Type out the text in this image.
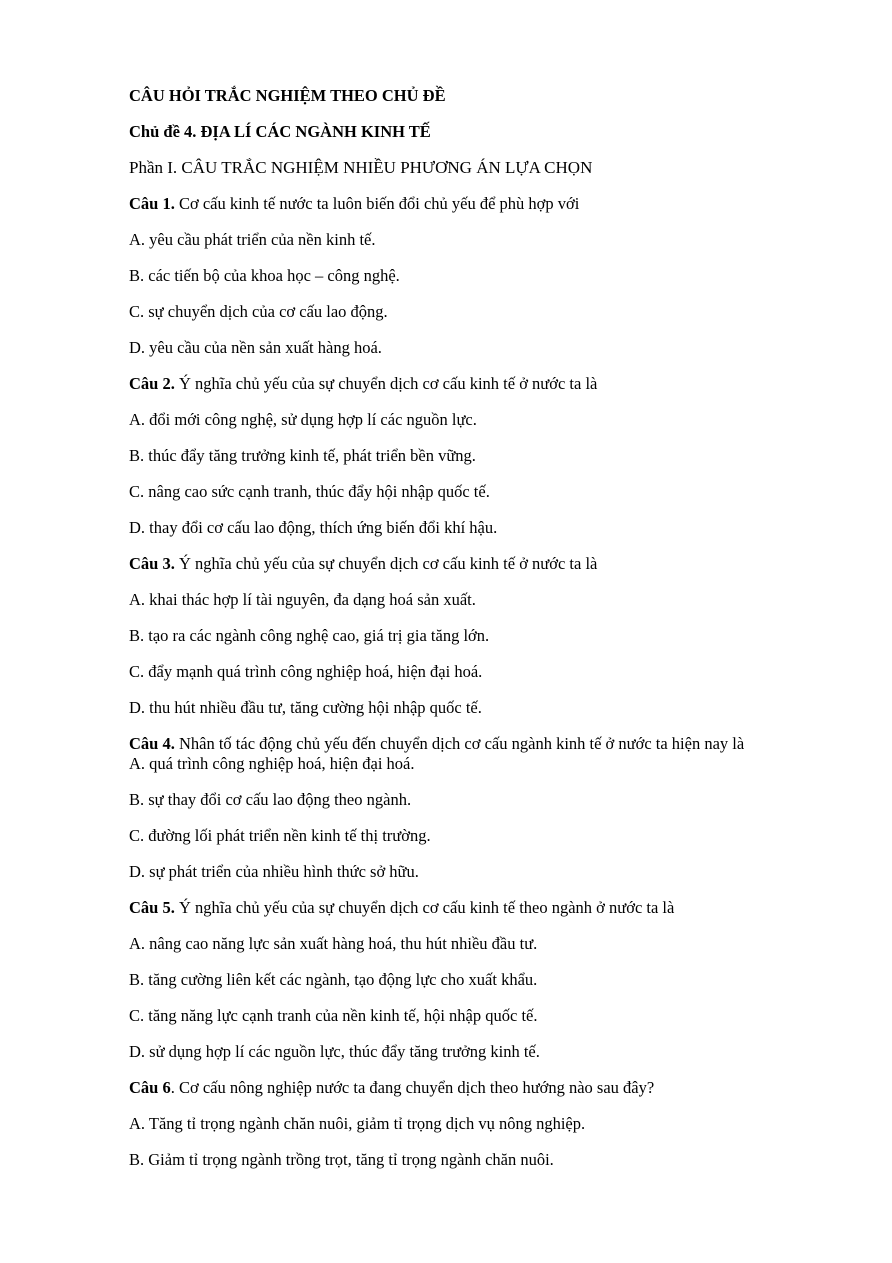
CÂU HỎI TRẮC NGHIỆM THEO CHỦ ĐỀ

Chủ đề 4. ĐỊA LÍ CÁC NGÀNH KINH TẾ

Phần I. CÂU TRẮC NGHIỆM NHIỀU PHƯƠNG ÁN LỰA CHỌN

Câu 1. Cơ cấu kinh tế nước ta luôn biến đổi chủ yếu để phù hợp với

A. yêu cầu phát triển của nền kinh tế.

B. các tiến bộ của khoa học – công nghệ.

C. sự chuyển dịch của cơ cấu lao động.

D. yêu cầu của nền sản xuất hàng hoá.

Câu 2. Ý nghĩa chủ yếu của sự chuyển dịch cơ cấu kinh tế ở nước ta là

A. đổi mới công nghệ, sử dụng hợp lí các nguồn lực.

B. thúc đẩy tăng trưởng kinh tế, phát triển bền vững.

C. nâng cao sức cạnh tranh, thúc đẩy hội nhập quốc tế.

D. thay đổi cơ cấu lao động, thích ứng biến đổi khí hậu.

Câu 3. Ý nghĩa chủ yếu của sự chuyển dịch cơ cấu kinh tế ở nước ta là

A. khai thác hợp lí tài nguyên, đa dạng hoá sản xuất.

B. tạo ra các ngành công nghệ cao, giá trị gia tăng lớn.

C. đẩy mạnh quá trình công nghiệp hoá, hiện đại hoá.

D. thu hút nhiều đầu tư, tăng cường hội nhập quốc tế.

Câu 4. Nhân tố tác động chủ yếu đến chuyển dịch cơ cấu ngành kinh tế ở nước ta hiện nay là

A. quá trình công nghiệp hoá, hiện đại hoá.

B. sự thay đổi cơ cấu lao động theo ngành.

C. đường lối phát triển nền kinh tế thị trường.

D. sự phát triển của nhiều hình thức sở hữu.

Câu 5. Ý nghĩa chủ yếu của sự chuyển dịch cơ cấu kinh tế theo ngành ở nước ta là

A. nâng cao năng lực sản xuất hàng hoá, thu hút nhiều đầu tư.

B. tăng cường liên kết các ngành, tạo động lực cho xuất khẩu.

C. tăng năng lực cạnh tranh của nền kinh tế, hội nhập quốc tế.

D. sử dụng hợp lí các nguồn lực, thúc đẩy tăng trưởng kinh tế.

Câu 6. Cơ cấu nông nghiệp nước ta đang chuyển dịch theo hướng nào sau đây?

A. Tăng tỉ trọng ngành chăn nuôi, giảm tỉ trọng dịch vụ nông nghiệp.

B. Giảm tỉ trọng ngành trồng trọt, tăng tỉ trọng ngành chăn nuôi.
